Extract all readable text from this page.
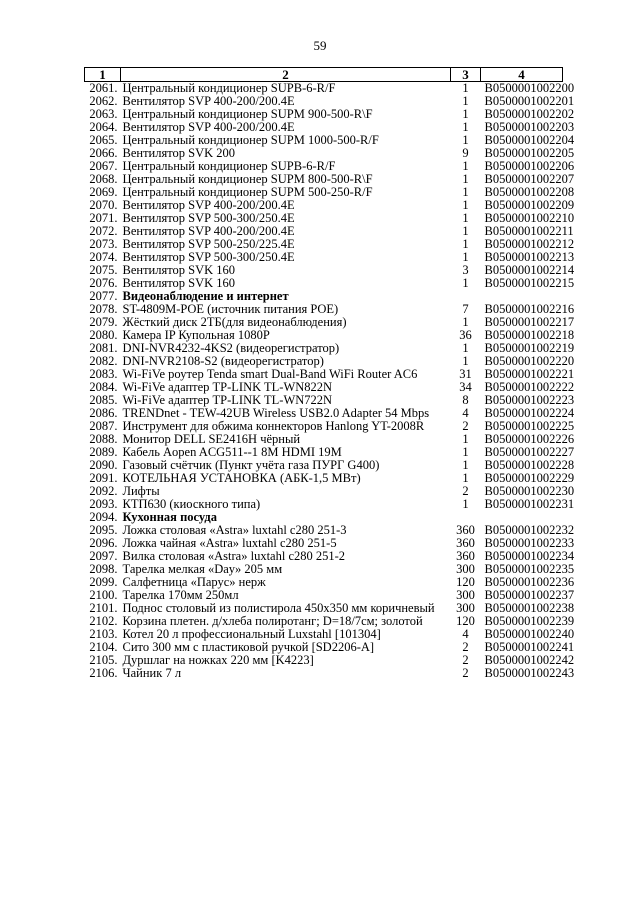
59
1	2	3	4
2061.	Центральный кондиционер SUPB-6-R/F	1	B0500001002200
2062.	Вентилятор SVP 400-200/200.4E	1	B0500001002201
2063.	Центральный кондиционер SUPM 900-500-R\F	1	B0500001002202
2064.	Вентилятор SVP 400-200/200.4E	1	B0500001002203
2065.	Центральный кондиционер SUPM 1000-500-R/F	1	B0500001002204
2066.	Вентилятор SVK 200	9	B0500001002205
2067.	Центральный кондиционер SUPB-6-R/F	1	B0500001002206
2068.	Центральный кондиционер SUPM 800-500-R\F	1	B0500001002207
2069.	Центральный кондиционер SUPM 500-250-R/F	1	B0500001002208
2070.	Вентилятор SVP 400-200/200.4E	1	B0500001002209
2071.	Вентилятор SVP 500-300/250.4E	1	B0500001002210
2072.	Вентилятор SVP 400-200/200.4E	1	B0500001002211
2073.	Вентилятор SVP 500-250/225.4E	1	B0500001002212
2074.	Вентилятор SVP 500-300/250.4E	1	B0500001002213
2075.	Вентилятор SVK 160	3	B0500001002214
2076.	Вентилятор SVK 160	1	B0500001002215
2077.	Видеонаблюдение и интернет		
2078.	ST-4809M-POE (источник питания POE)	7	B0500001002216
2079.	Жёсткий диск 2ТБ(для видеонаблюдения)	1	B0500001002217
2080.	Камера IP Купольная 1080P	36	B0500001002218
2081.	DNI-NVR4232-4KS2 (видеорегистратор)	1	B0500001002219
2082.	DNI-NVR2108-S2 (видеорегистратор)	1	B0500001002220
2083.	Wi-FiVe роутер Tenda smart Dual-Band WiFi Router AC6	31	B0500001002221
2084.	Wi-FiVe адаптер TP-LINK TL-WN822N	34	B0500001002222
2085.	Wi-FiVe адаптер TP-LINK TL-WN722N	8	B0500001002223
2086.	TRENDnet - TEW-42UB Wireless USB2.0 Adapter 54 Mbps	4	B0500001002224
2087.	Инструмент для обжима коннекторов Hanlong YT-2008R	2	B0500001002225
2088.	Монитор DELL SE2416H чёрный	1	B0500001002226
2089.	Кабель Aopen ACG511--1 8M HDMI 19M	1	B0500001002227
2090.	Газовый счётчик (Пункт учёта газа ПУРГ G400)	1	B0500001002228
2091.	КОТЕЛЬНАЯ УСТАНОВКА (АБК-1,5 МВт)	1	B0500001002229
2092.	Лифты	2	B0500001002230
2093.	КТП630 (киоскного типа)	1	B0500001002231
2094.	Кухонная посуда		
2095.	Ложка столовая «Astra» luxtahl c280 251-3	360	B0500001002232
2096.	Ложка чайная «Astra» luxtahl c280 251-5	360	B0500001002233
2097.	Вилка столовая «Astra» luxtahl c280 251-2	360	B0500001002234
2098.	Тарелка мелкая «Day» 205 мм	300	B0500001002235
2099.	Салфетница «Парус» нерж	120	B0500001002236
2100.	Тарелка 170мм 250мл	300	B0500001002237
2101.	Поднос столовый из полистирола 450х350 мм коричневый	300	B0500001002238
2102.	Корзина плетен. д/хлеба полиротанг; D=18/7см; золотой	120	B0500001002239
2103.	Котел 20 л профессиональный Luxstahl [101304]	4	B0500001002240
2104.	Сито 300 мм с пластиковой ручкой [SD2206-A]	2	B0500001002241
2105.	Дуршлаг на ножках 220 мм [K4223]	2	B0500001002242
2106.	Чайник 7 л	2	B0500001002243
